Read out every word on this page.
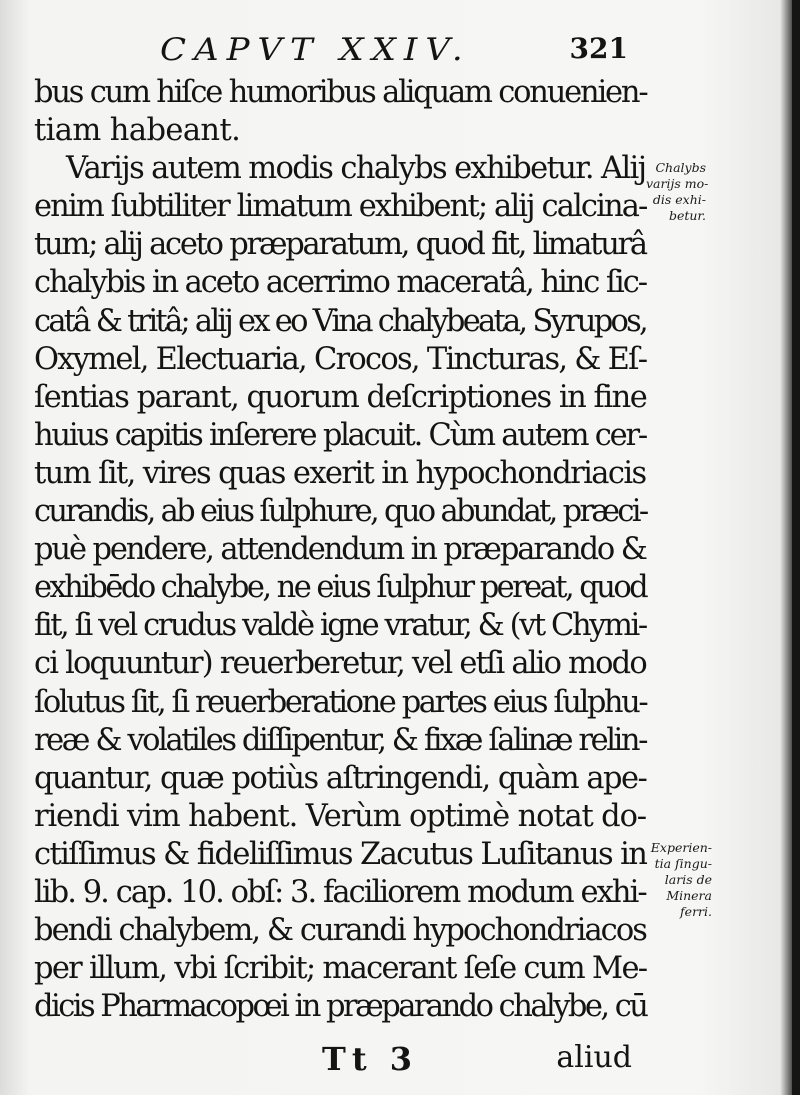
CAPVT XXIV.	321
bus cum hiſce humoribus aliquam conuenien-
tiam habeant.
Varijs autem modis chalybs exhibetur. Alij
enim ſubtiliter limatum exhibent; alij calcina-
tum; alij aceto præparatum, quod fit, limaturâ
chalybis in aceto acerrimo maceratâ, hinc ſic-
catâ & tritâ; alij ex eo Vina chalybeata, Syrupos,
Oxymel, Electuaria, Crocos, Tincturas, & Eſ-
ſentias parant, quorum deſcriptiones in fine
huius capitis inſerere placuit. Cùm autem cer-
tum ſit, vires quas exerit in hypochondriacis
curandis, ab eius ſulphure, quo abundat, præci-
puè pendere, attendendum in præparando &
exhibēdo chalybe, ne eius ſulphur pereat, quod
fit, ſi vel crudus valdè igne vratur, & (vt Chymi-
ci loquuntur) reuerberetur, vel etſi alio modo
ſolutus ſit, ſi reuerberatione partes eius ſulphu-
reæ & volatiles diſſipentur, & fixæ ſalinæ relin-
quantur, quæ potiùs aſtringendi, quàm ape-
riendi vim habent. Verùm optimè notat do-
ctiſſimus & fideliſſimus Zacutus Luſitanus in
lib. 9. cap. 10. obſ: 3. faciliorem modum exhi-
bendi chalybem, & curandi hypochondriacos
per illum, vbi ſcribit; macerant ſeſe cum Me-
dicis Pharmacopœi in præparando chalybe, cū
Chalybs
varijs mo-
dis exhi-
betur.
Experien-
tia ſingu-
laris de
Minera
ferri.
Tt 3	aliud
